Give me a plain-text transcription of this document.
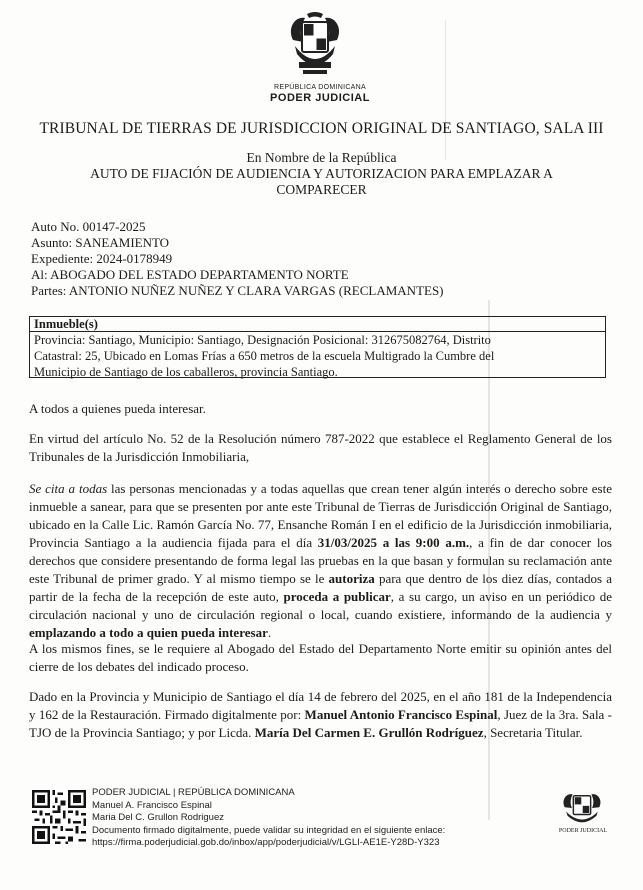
REPÚBLICA DOMINICANA
PODER JUDICIAL
TRIBUNAL DE TIERRAS DE JURISDICCION ORIGINAL DE SANTIAGO, SALA III
En Nombre de la República
AUTO DE FIJACIÓN DE AUDIENCIA Y AUTORIZACION PARA EMPLAZAR A
COMPARECER
Auto No. 00147-2025
Asunto: SANEAMIENTO
Expediente: 2024-0178949
Al: ABOGADO DEL ESTADO DEPARTAMENTO NORTE
Partes: ANTONIO NUÑEZ NUÑEZ Y CLARA VARGAS (RECLAMANTES)
Inmueble(s)
Provincia: Santiago, Municipio: Santiago, Designación Posicional: 312675082764, Distrito
Catastral: 25, Ubicado en Lomas Frías a 650 metros de la escuela Multigrado la Cumbre del
Municipio de Santiago de los caballeros, provincia Santiago.
A todos a quienes pueda interesar.
En virtud del artículo No. 52 de la Resolución número 787-2022 que establece el Reglamento General de los Tribunales de la Jurisdicción Inmobiliaria,
Se cita a todas las personas mencionadas y a todas aquellas que crean tener algún interés o derecho sobre este inmueble a sanear, para que se presenten por ante este Tribunal de Tierras de Jurisdicción Original de Santiago, ubicado en la Calle Lic. Ramón García No. 77, Ensanche Román I en el edificio de la Jurisdicción inmobiliaria, Provincia Santiago a la audiencia fijada para el día 31/03/2025 a las 9:00 a.m., a fin de dar conocer los derechos que considere presentando de forma legal las pruebas en la que basan y formulan su reclamación ante este Tribunal de primer grado. Y al mismo tiempo se le autoriza para que dentro de los diez días, contados a partir de la fecha de la recepción de este auto, proceda a publicar, a su cargo, un aviso en un periódico de circulación nacional y uno de circulación regional o local, cuando existiere, informando de la audiencia y emplazando a todo a quien pueda interesar.
A los mismos fines, se le requiere al Abogado del Estado del Departamento Norte emitir su opinión antes del cierre de los debates del indicado proceso.
Dado en la Provincia y Municipio de Santiago el día 14 de febrero del 2025, en el año 181 de la Independencia y 162 de la Restauración. Firmado digitalmente por: Manuel Antonio Francisco Espinal, Juez de la 3ra. Sala - TJO de la Provincia Santiago; y por Licda. María Del Carmen E. Grullón Rodríguez, Secretaria Titular.
PODER JUDICIAL | REPÚBLICA DOMINICANA
Manuel A. Francisco Espinal
Maria Del C. Grullon Rodriguez
Documento firmado digitalmente, puede validar su integridad en el siguiente enlace:
https://firma.poderjudicial.gob.do/inbox/app/poderjudicial/v/LGLI-AE1E-Y28D-Y323
PODER JUDICIAL
